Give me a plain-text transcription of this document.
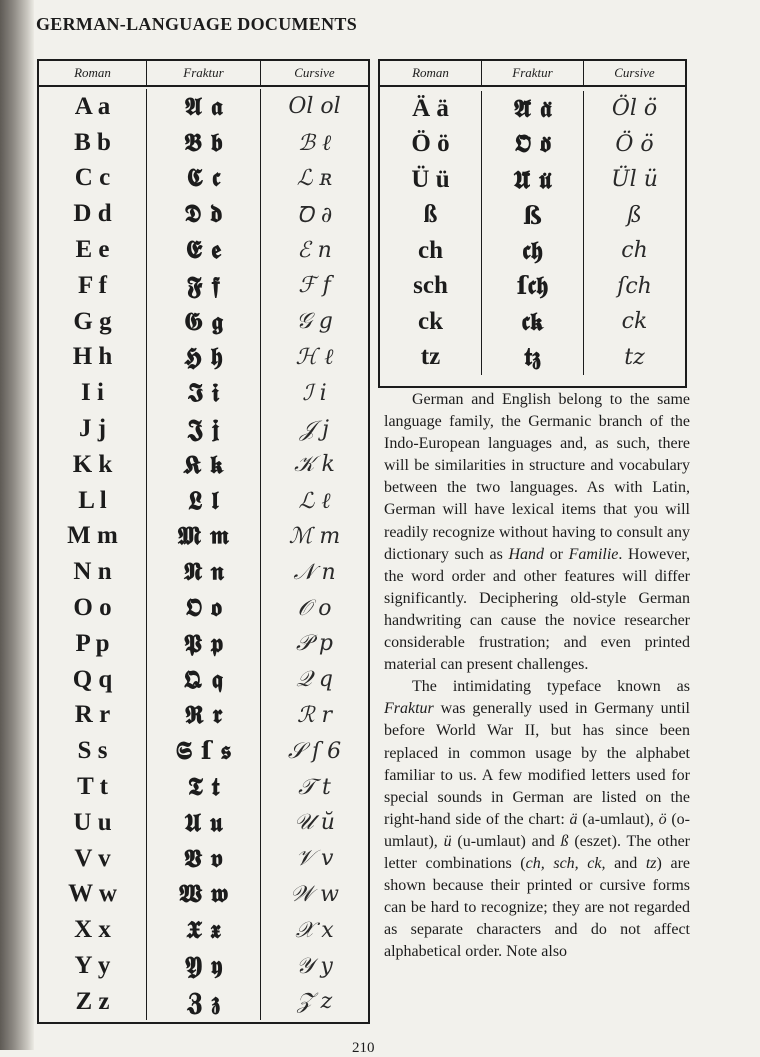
GERMAN-LANGUAGE DOCUMENTS
Roman	Fraktur	Cursive
A a	𝕬 𝖆	Ol ol
B b	𝕭 𝖇	ℬ ℓ
C c	𝕮 𝖈	ℒ ʀ
D d	𝕯 𝖉	Ꝺ ∂
E e	𝕰 𝖊	ℰ n
F f	𝕱 𝖋	ℱ f
G g	𝕲 𝖌	𝒢 g
H h	𝕳 𝖍	ℋ ℓ
I i	𝕴 𝖎	ℐ i
J j	𝕵 𝖏	𝒥 j
K k	𝕶 𝖐	𝒦 k
L l	𝕷 𝖑	ℒ ℓ
M m	𝕸 𝖒	ℳ m
N n	𝕹 𝖓	𝒩 n
O o	𝕺 𝖔	𝒪 o
P p	𝕻 𝖕	𝒫 p
Q q	𝕼 𝖖	𝒬 q
R r	𝕽 𝖗	ℛ r
S s	𝕾 ſ 𝖘	𝒮 ſ 6
T t	𝕿 𝖙	𝒯 t
U u	𝖀 𝖚	𝒰 ŭ
V v	𝖁 𝖛	𝒱 v
W w	𝖂 𝖜	𝒲 w
X x	𝖃 𝖝	𝒳 x
Y y	𝖄 𝖞	𝒴 y
Z z	𝖅 𝖟	𝒵 z
Roman	Fraktur	Cursive
Ä ä	𝕬̈ 𝖆̈	Öl ö
Ö ö	𝕺̈ 𝖔̈	Ö ö
Ü ü	𝖀̈ 𝖚̈	Ül ü
ß	ß	ß
ch	𝖈𝖍	ch
sch	ſ𝖈𝖍	ſch
ck	𝖈𝖐	ck
tz	𝖙𝖟	tz

German and English belong to the same language family, the Germanic branch of the Indo-European languages and, as such, there will be similarities in structure and vocabulary between the two languages. As with Latin, German will have lexical items that you will readily recognize without having to consult any dictionary such as Hand or Familie. However, the word order and other features will differ significantly. Deciphering old-style German handwriting can cause the novice researcher considerable frustration; and even printed material can present challenges.

The intimidating typeface known as Fraktur was generally used in Germany until before World War II, but has since been replaced in common usage by the alphabet familiar to us. A few modified letters used for special sounds in German are listed on the right-hand side of the chart: ä (a-umlaut), ö (o-umlaut), ü (u-umlaut) and ß (eszet). The other letter combinations (ch, sch, ck, and tz) are shown because their printed or cursive forms can be hard to recognize; they are not regarded as separate characters and do not affect alphabetical order. Note also

210
